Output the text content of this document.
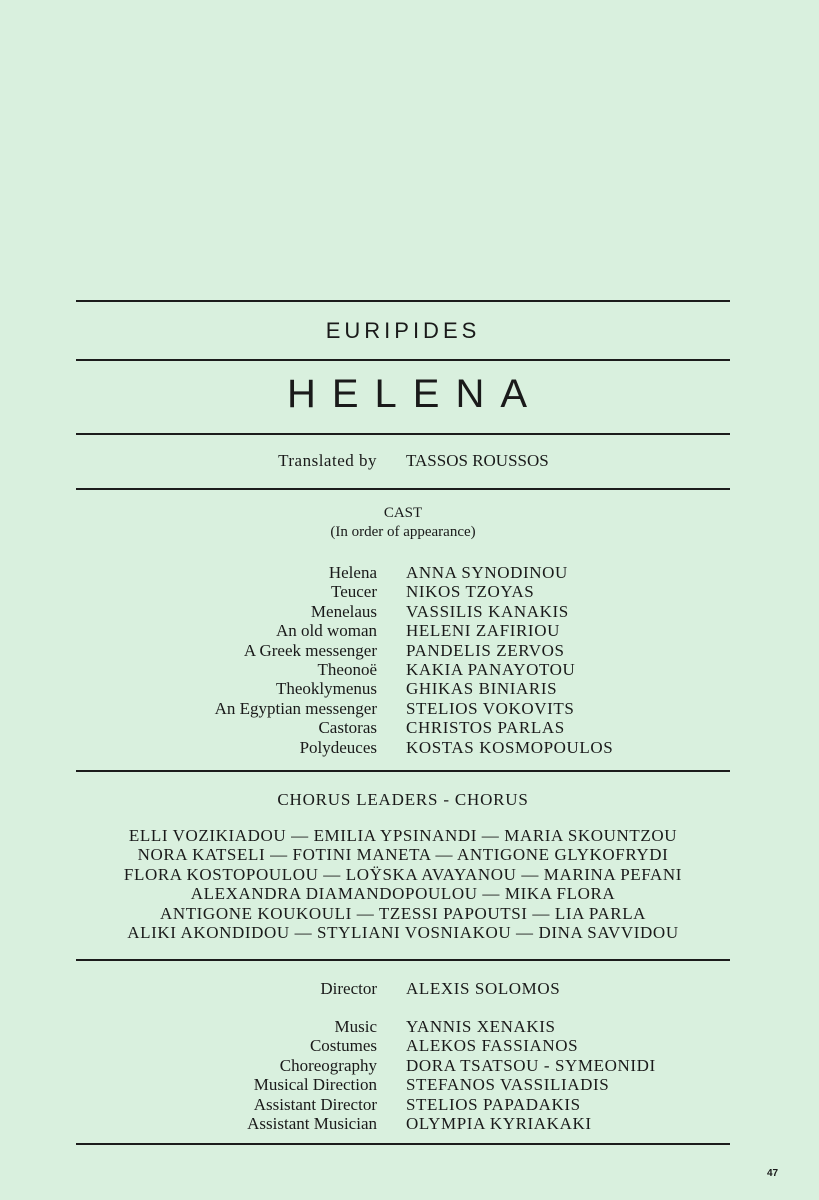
EURIPIDES
HELENA
Translated by TASSOS ROUSSOS
CAST
(In order of appearance)
Helena ANNA SYNODINOU
Teucer NIKOS TZOYAS
Menelaus VASSILIS KANAKIS
An old woman HELENI ZAFIRIOU
A Greek messenger PANDELIS ZERVOS
Theonoë KAKIA PANAYOTOU
Theoklymenus GHIKAS BINIARIS
An Egyptian messenger STELIOS VOKOVITS
Castoras CHRISTOS PARLAS
Polydeuces KOSTAS KOSMOPOULOS
CHORUS LEADERS - CHORUS
ELLI VOZIKIADOU — EMILIA YPSINANDI — MARIA SKOUNTZOU
NORA KATSELI — FOTINI MANETA — ANTIGONE GLYKOFRYDI
FLORA KOSTOPOULOU — LOŸSKA AVAYANOU — MARINA PEFANI
ALEXANDRA DIAMANDOPOULOU — MIKA FLORA
ANTIGONE KOUKOULI — TZESSI PAPOUTSI — LIA PARLA
ALIKI AKONDIDOU — STYLIANI VOSNIAKOU — DINA SAVVIDOU
Director ALEXIS SOLOMOS
Music YANNIS XENAKIS
Costumes ALEKOS FASSIANOS
Choreography DORA TSATSOU - SYMEONIDI
Musical Direction STEFANOS VASSILIADIS
Assistant Director STELIOS PAPADAKIS
Assistant Musician OLYMPIA KYRIAKAKI
47
